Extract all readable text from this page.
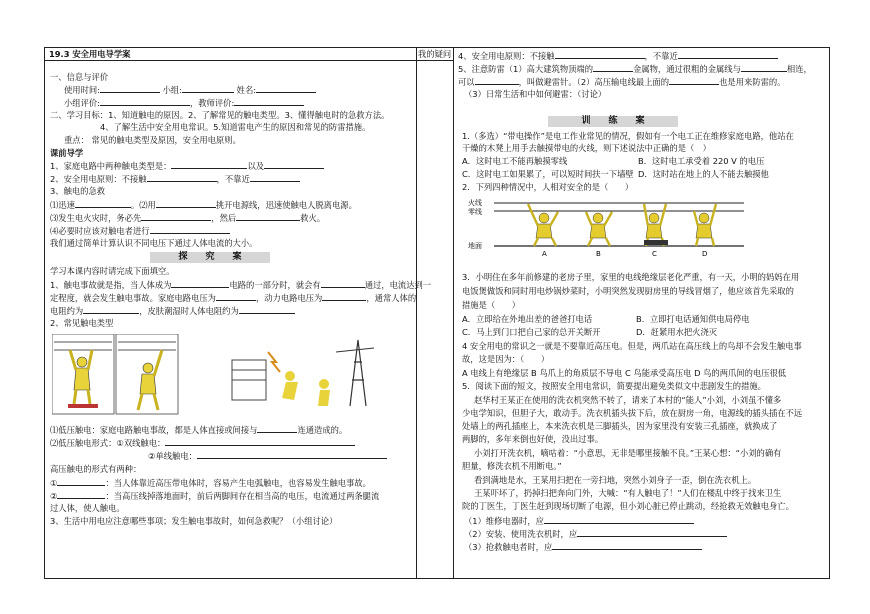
19.3 安全用电导学案	我的疑问
一、信息与评价
使用时间:	小组:	姓名:
小组评价:	，教师评价:
二、学习目标：1、知道触电的原因。2、了解常见的触电类型。3、懂得触电时的急救方法。
4、了解生活中安全用电常识。5.知道雷电产生的原因和常见的防雷措施。
重点： 常见的触电类型及原因，安全用电原则。
课前导学
1、家庭电路中两种触电类型是：	以及
2、安全用电原则：不接触	，不靠近
3、触电的急救
⑴迅速	。⑵用	挑开电源线，迅速使触电人脱离电源。
⑶发生电火灾时，务必先	，然后	救火。
⑷必要时应该对触电者进行
我们通过简单计算认识不同电压下通过人体电流的大小。
探　　究　　案
学习本课内容时请完成下面填空。
1、触电事故就是指，当人体成为	电路的一部分时，就会有	通过，电流达到一
定程度，就会发生触电事故。家庭电路电压为	，动力电路电压为	，通常人体的
电阻约为	，皮肤潮湿时人体电阻约为
2、常见触电类型
⑴低压触电：家庭电路触电事故，都是人体直接或间接与	连通造成的。
⑵低压触电形式：①双线触电：
②单线触电：
高压触电的形式有两种：
①	：当人体靠近高压带电体时，容易产生电弧触电，也容易发生触电事故。
②	：当高压线掉落地面时，前后两脚间存在相当高的电压，电流通过两条腿流
过人体，使人触电。
3、生活中用电应注意哪些事项；发生触电事故时，如何急救呢？（小组讨论）
4、安全用电原则：不接触	，不靠近
5、注意防雷（1）高大建筑物顶端的	金属物，通过很粗的金属线与	相连，
可以	，叫做避雷针。（2）高压输电线最上面的	也是用来防雷的。
（3）日常生活和中如何避雷：（讨论）
训　　练　　案
1.（多选）“带电操作”是电工作业常见的情况，假如有一个电工正在维修家庭电路，他站在
干燥的木凳上用手去触摸带电的火线，则下述说法中正确的是（　）
A．这时电工不能再触摸零线	B．这时电工承受着 220 V 的电压
C．这时电工如果累了，可以短时间扶一下墙壁 D．这时站在地上的人不能去触摸他
2．下列四种情况中，人相对安全的是（　　）
火线
零线
地面
A	B	C	D
3．小明住在多年前修建的老房子里，家里的电线绝缘层老化严重，有一天，小明的妈妈在用
电饭煲做饭和同时用电炒锅炒菜时，小明突然发现厨房里的导线冒烟了，他应该首先采取的
措施是（　　）
A．立即给在外地出差的爸爸打电话	B．立即打电话通知供电局停电
C．马上到门口把自己家的总开关断开	D．赶紧用水把火浇灭
4 安全用电的常识之一就是不要靠近高压电。但是，两爪站在高压线上的鸟却不会发生触电事
故，这是因为：（　　）
A 电线上有绝缘层 B 鸟爪上的角质层不导电 C 鸟能承受高压电 D 鸟的两爪间的电压很低
5．阅读下面的短文，按照安全用电常识，简要提出避免类似文中悲剧发生的措施。
赵华村王某正在使用的洗衣机突然不转了，请来了本村的“能人”小刘，小刘虽不懂多
少电学知识，但胆子大，敢动手。洗衣机插头拔下后，放在厨房一角，电源线的插头插在不远
处墙上的两孔插座上，本来洗衣机是三脚插头，因为家里没有安装三孔插座，就换成了
两脚的，多年来倒也好使，没出过事。
小刘打开洗衣机，嘀咕着：“小意思，无非是哪里接触不良。”王某心想：“小刘的确有
胆量，修洗衣机不用断电。”
看到满地是水，王某用扫把在一旁扫地，突然小刘身子一歪，倒在洗衣机上。
王某吓坏了，扔掉扫把奔向门外，大喊：“有人触电了！”人们在楼乱中终于找来卫生
院的丁医生，丁医生赶到现场切断了电源，但小刘心脏已停止跳动，经抢救无效触电身亡。
（1）维修电器时，应
（2）安装、使用洗衣机时，应
（3）抢救触电者时，应
